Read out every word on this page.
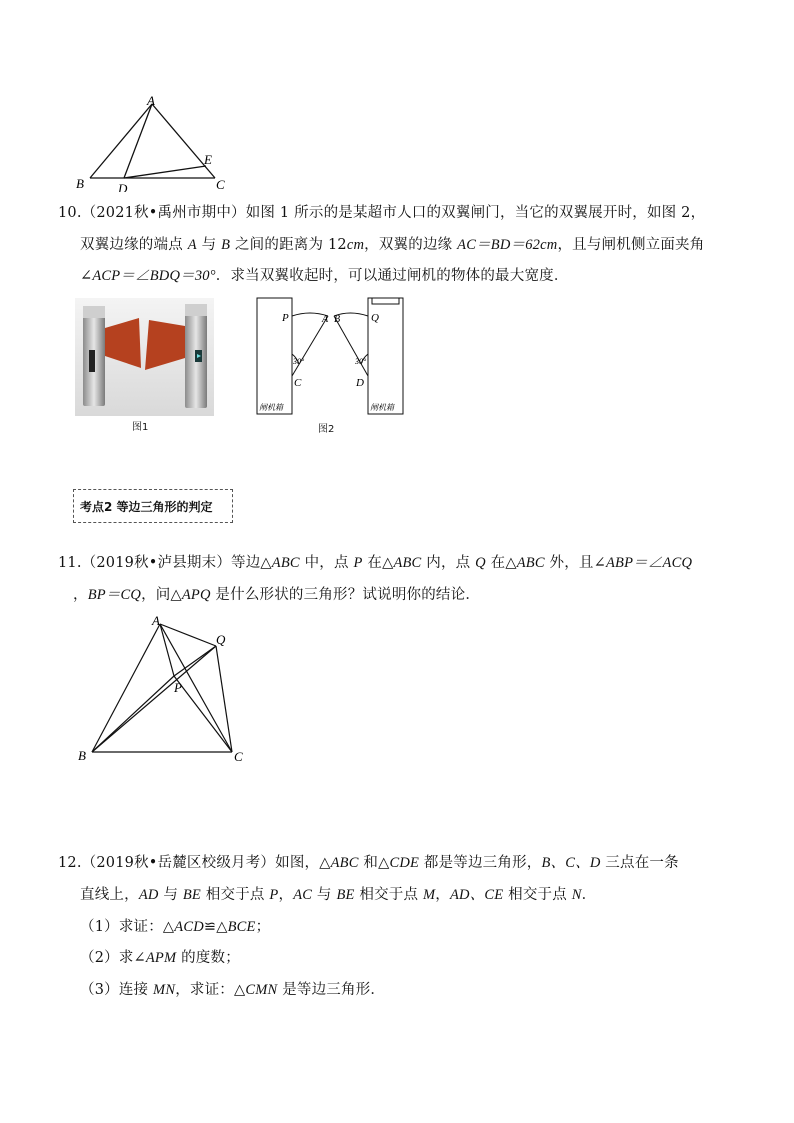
A
B	D
E
C
10.（2021秋•禹州市期中）如图 1 所示的是某超市人口的双翼闸门，当它的双翼展开时，如图 2，
双翼边缘的端点 A 与 B 之间的距离为 12cm，双翼的边缘 AC＝BD＝62cm，且与闸机侧立面夹角
∠ACP＝∠BDQ＝30°．求当双翼收起时，可以通过闸机的物体的最大宽度．
图1
P	A B	Q
30°	30°
C	D
闸机箱	闸机箱
图2
考点2 等边三角形的判定
11.（2019秋•泸县期末）等边△ABC 中，点 P 在△ABC 内，点 Q 在△ABC 外，且∠ABP＝∠ACQ
，BP＝CQ，问△APQ 是什么形状的三角形？试说明你的结论．
A
Q
P
B	C
12.（2019秋•岳麓区校级月考）如图，△ABC 和△CDE 都是等边三角形，B、C、D 三点在一条
直线上，AD 与 BE 相交于点 P，AC 与 BE 相交于点 M，AD、CE 相交于点 N．
（1）求证：△ACD≌△BCE；
（2）求∠APM 的度数；
（3）连接 MN，求证：△CMN 是等边三角形．
